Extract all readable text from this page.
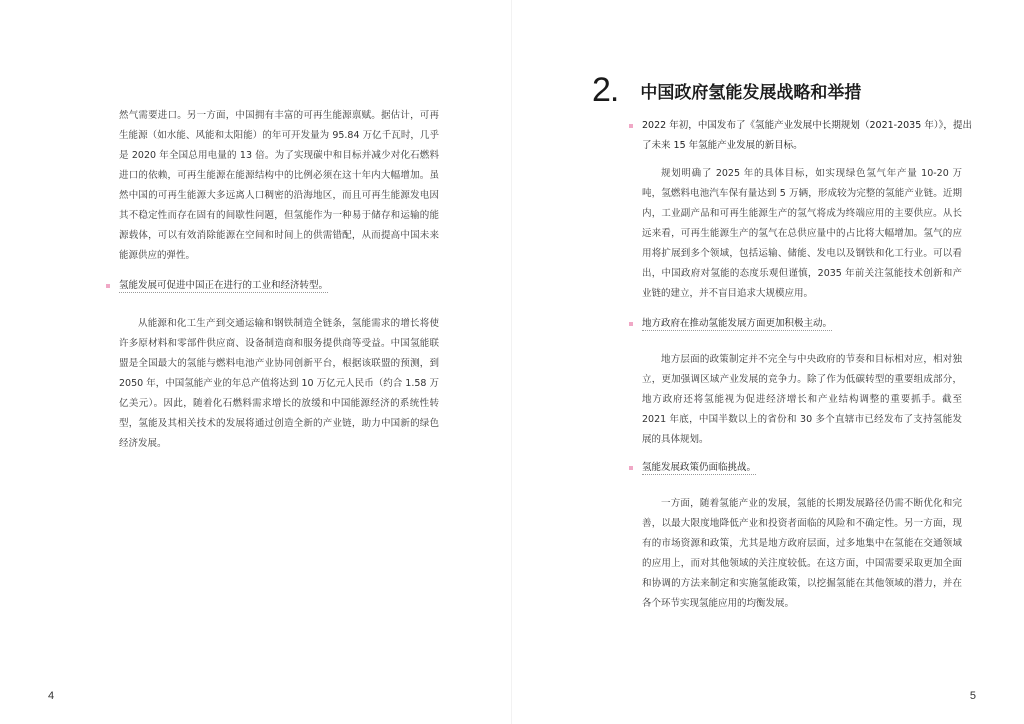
然气需要进口。另一方面，中国拥有丰富的可再生能源禀赋。据估计，可再生能源（如水能、风能和太阳能）的年可开发量为 95.84 万亿千瓦时，几乎是 2020 年全国总用电量的 13 倍。为了实现碳中和目标并减少对化石燃料进口的依赖，可再生能源在能源结构中的比例必须在这十年内大幅增加。虽然中国的可再生能源大多远离人口稠密的沿海地区，而且可再生能源发电因其不稳定性而存在固有的间歇性问题，但氢能作为一种易于储存和运输的能源载体，可以有效消除能源在空间和时间上的供需错配，从而提高中国未来能源供应的弹性。

氢能发展可促进中国正在进行的工业和经济转型。

从能源和化工生产到交通运输和钢铁制造全链条，氢能需求的增长将使许多原材料和零部件供应商、设备制造商和服务提供商等受益。中国氢能联盟是全国最大的氢能与燃料电池产业协同创新平台，根据该联盟的预测，到 2050 年，中国氢能产业的年总产值将达到 10 万亿元人民币（约合 1.58 万亿美元）。因此，随着化石燃料需求增长的放缓和中国能源经济的系统性转型，氢能及其相关技术的发展将通过创造全新的产业链，助力中国新的绿色经济发展。

4
2. 中国政府氢能发展战略和举措
2022 年初，中国发布了《氢能产业发展中长期规划（2021-2035 年）》，提出了未来 15 年氢能产业发展的新目标。

规划明确了 2025 年的具体目标，如实现绿色氢气年产量 10-20 万吨，氢燃料电池汽车保有量达到 5 万辆，形成较为完整的氢能产业链。近期内，工业副产品和可再生能源生产的氢气将成为终端应用的主要供应。从长远来看，可再生能源生产的氢气在总供应量中的占比将大幅增加。氢气的应用将扩展到多个领域，包括运输、储能、发电以及钢铁和化工行业。可以看出，中国政府对氢能的态度乐观但谨慎，2035 年前关注氢能技术创新和产业链的建立，并不盲目追求大规模应用。

地方政府在推动氢能发展方面更加积极主动。

地方层面的政策制定并不完全与中央政府的节奏和目标相对应，相对独立，更加强调区域产业发展的竞争力。除了作为低碳转型的重要组成部分，地方政府还将氢能视为促进经济增长和产业结构调整的重要抓手。截至 2021 年底，中国半数以上的省份和 30 多个直辖市已经发布了支持氢能发展的具体规划。

氢能发展政策仍面临挑战。

一方面，随着氢能产业的发展，氢能的长期发展路径仍需不断优化和完善，以最大限度地降低产业和投资者面临的风险和不确定性。另一方面，现有的市场资源和政策，尤其是地方政府层面，过多地集中在氢能在交通领域的应用上，而对其他领域的关注度较低。在这方面，中国需要采取更加全面和协调的方法来制定和实施氢能政策，以挖掘氢能在其他领域的潜力，并在各个环节实现氢能应用的均衡发展。

5
